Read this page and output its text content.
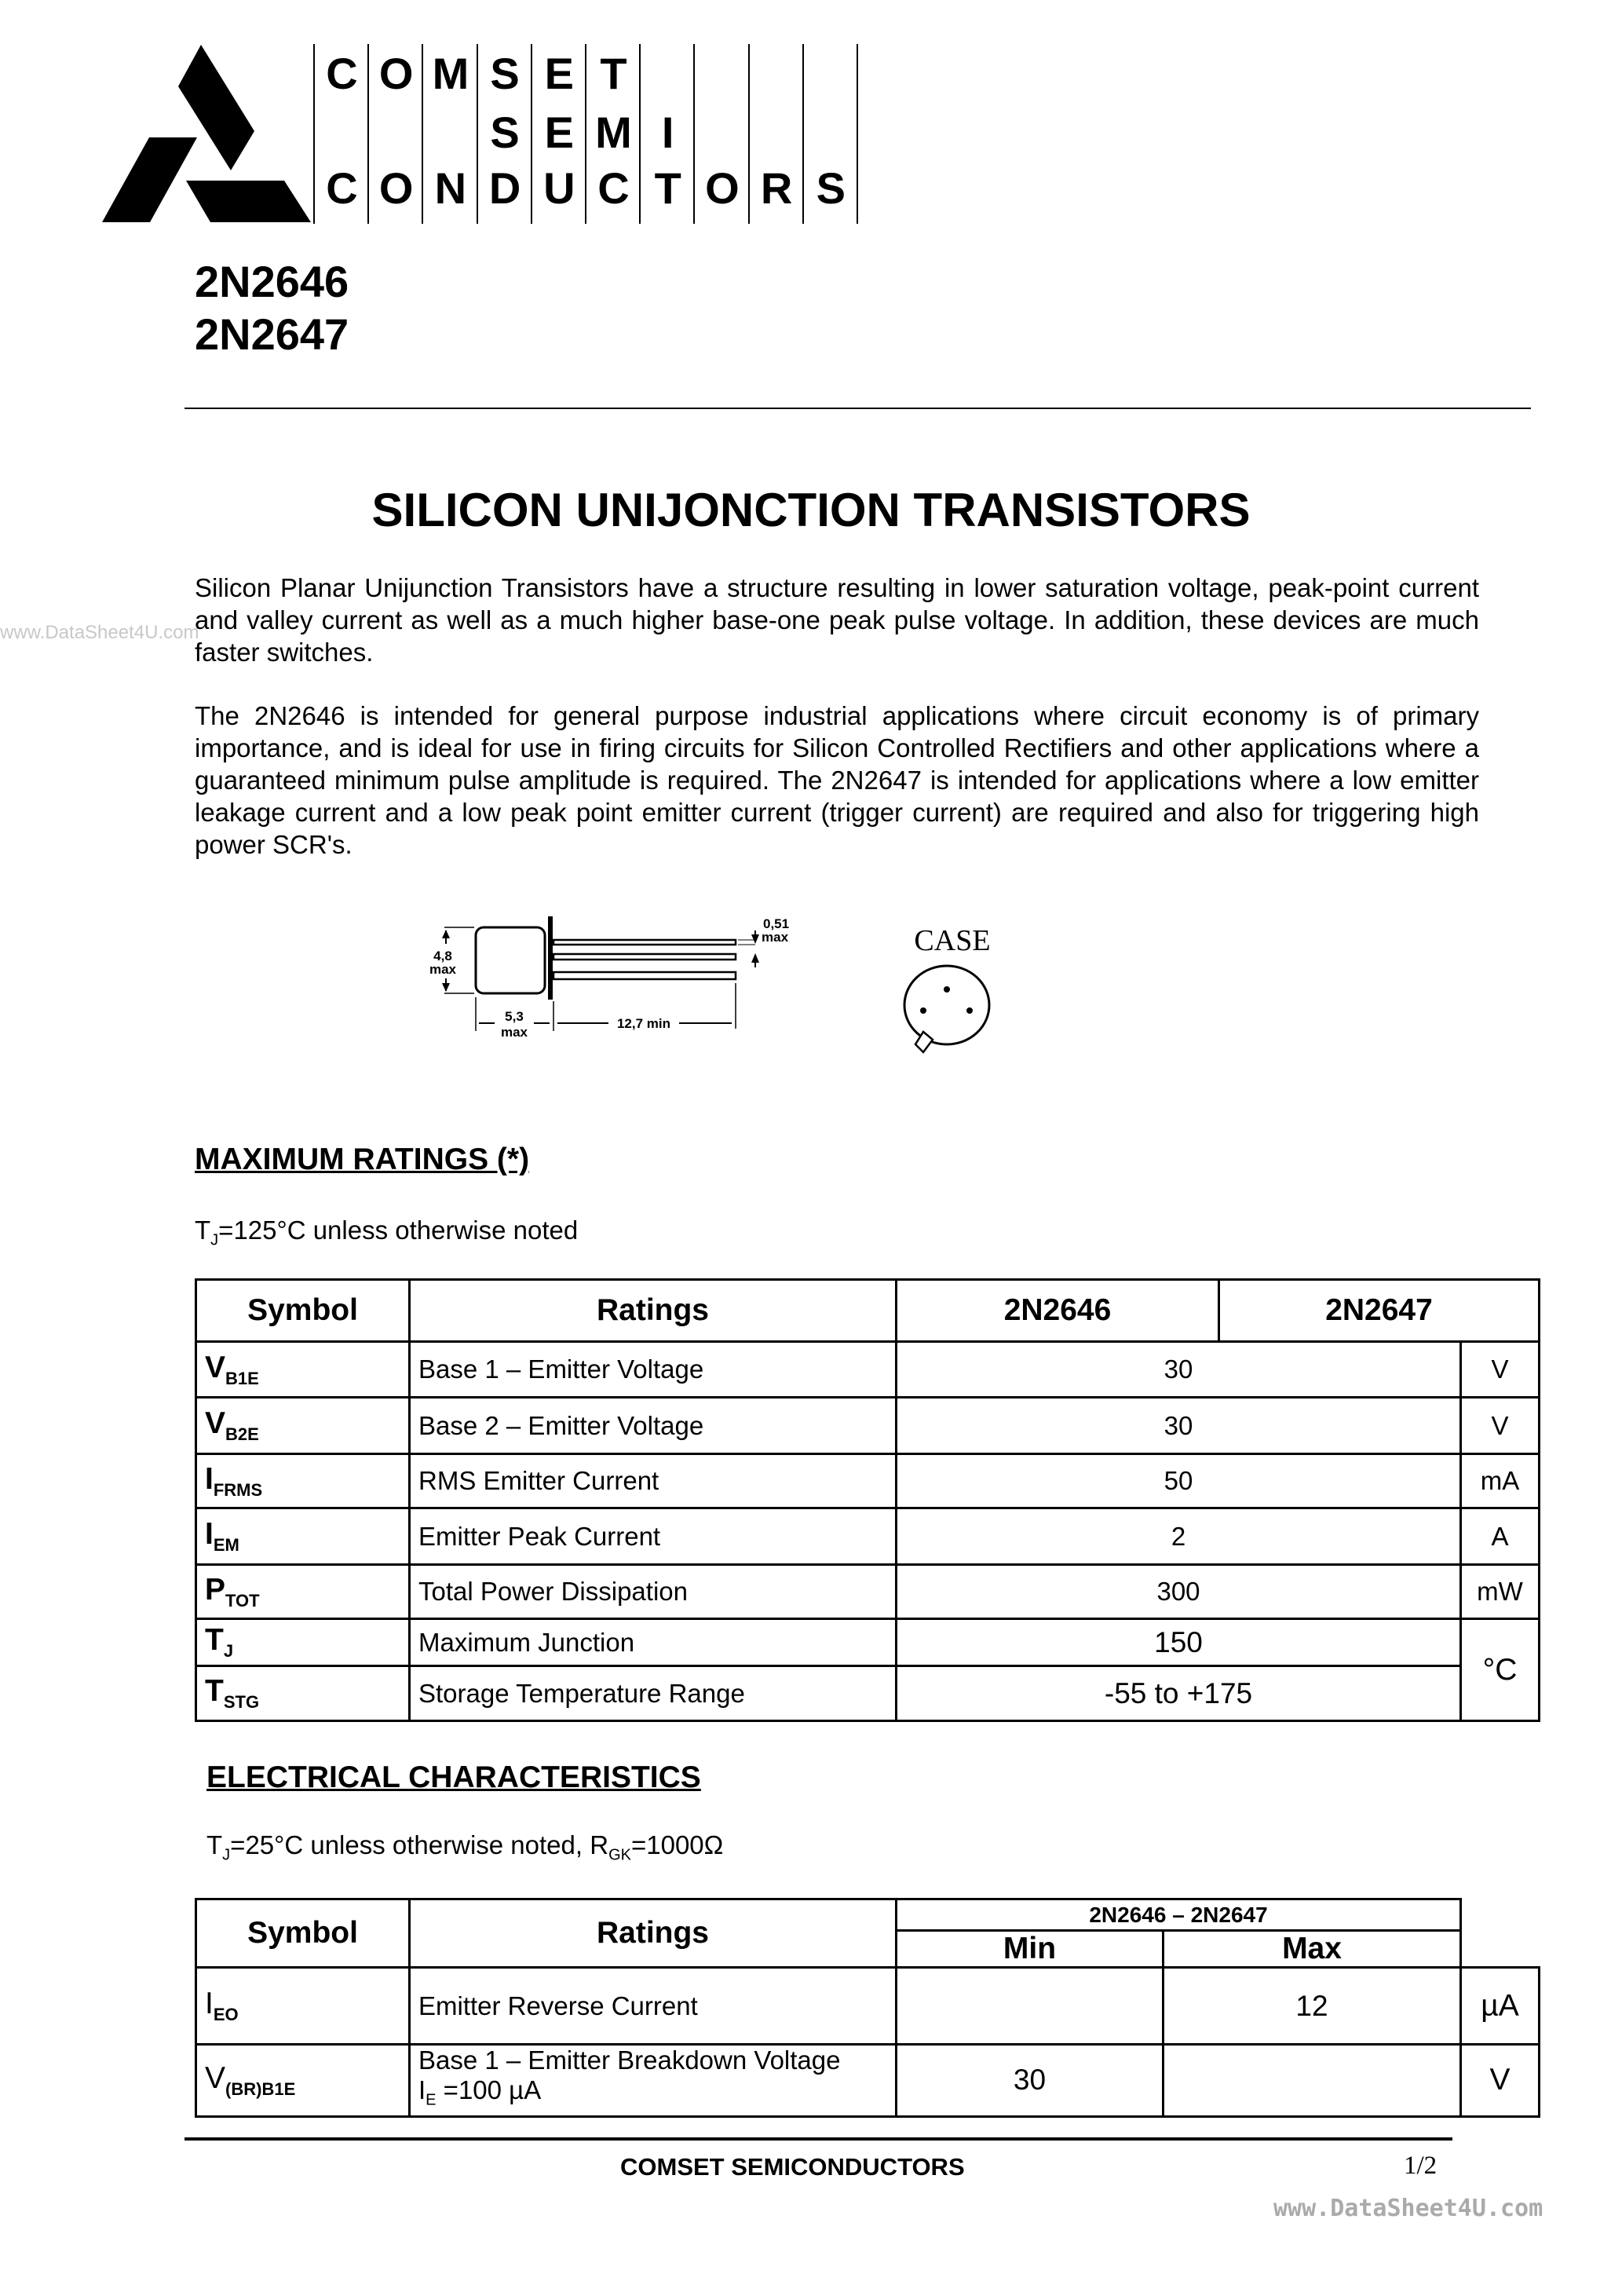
C O M S E T
S E M I
C O N D U C T O R S
2N2646
2N2647
SILICON UNIJONCTION TRANSISTORS
www.DataSheet4U.com
Silicon Planar Unijunction Transistors have a structure resulting in lower saturation voltage, peak-point current and valley current as well as a much higher base-one peak pulse voltage. In addition, these devices are much faster switches.
The 2N2646 is intended for general purpose industrial applications where circuit economy is of primary importance, and is ideal for use in firing circuits for Silicon Controlled Rectifiers and other applications where a guaranteed minimum pulse amplitude is required. The 2N2647 is intended for applications where a low emitter leakage current and a low peak point emitter current (trigger current) are required and also for triggering high power SCR's.
4,8
max
5,3
max
12,7 min
0,51
max	CASE
MAXIMUM RATINGS (*)
$T_J=125^\circ C$ unless otherwise noted
Symbol	Ratings	2N2646	2N2647	
$V_{B1E}$	Base 1 – Emitter Voltage	30		V
$V_{B2E}$	Base 2 – Emitter Voltage	30		V
$I_{FRMS}$	RMS Emitter Current	50		mA
$I_{EM}$	Emitter Peak Current	2		A
$P_{TOT}$	Total Power Dissipation	300		mW
$T_J$	Maximum Junction	150		°C
$T_{STG}$	Storage Temperature Range	-55 to +175		
ELECTRICAL CHARACTERISTICS
$T_J=25^\circ C$ unless otherwise noted, $R_{GK}=1000\Omega$
Symbol	Ratings	2N2646 – 2N2647		
		Min	Max	
$I_{EO}$	Emitter Reverse Current		12	µA
$V_{(BR)B1E}$	Base 1 – Emitter Breakdown Voltage
$I_E =100$ µA	30		V
COMSET SEMICONDUCTORS	1/2
www.DataSheet4U.com
